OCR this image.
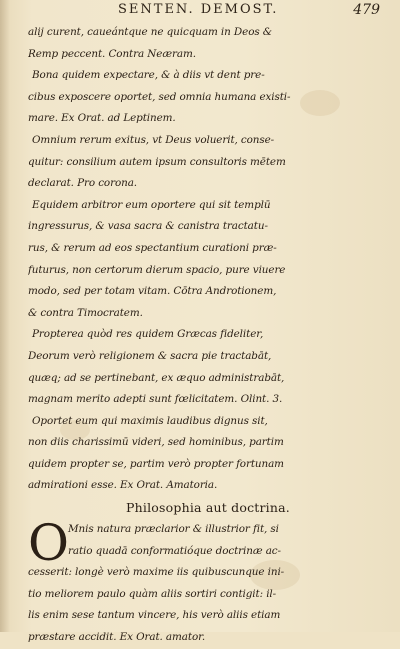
SENTEN. DEMOST.	479
alij curent, caueántque ne quicquam in Deos &
Remp peccent. Contra Neæram.
Bona quidem expectare, & à diis vt dent pre-
cibus exposcere oportet, sed omnia humana existi-
mare. Ex Orat. ad Leptinem.
Omnium rerum exitus, vt Deus voluerit, conse-
quitur: consilium autem ipsum consultoris mētem
declarat. Pro corona.
Equidem arbitror eum oportere qui sit templū
ingressurus, & vasa sacra & canistra tractatu-
rus, & rerum ad eos spectantium curationi præ-
futurus, non certorum dierum spacio, pure viuere
modo, sed per totam vitam. Cōtra Androtionem,
& contra Timocratem.
Propterea quòd res quidem Græcas fideliter,
Deorum verò religionem & sacra pie tractabāt,
quæq; ad se pertinebant, ex æquo administrabāt,
magnam merito adepti sunt fœlicitatem. Olint. 3.
Oportet eum qui maximis laudibus dignus sit,
non diis charissimū videri, sed hominibus, partim
quidem propter se, partim verò propter fortunam
admirationi esse. Ex Orat. Amatoria.
Philosophia aut doctrina.
O Mnis natura præclarior & illustrior fit, si
ratio quadā conformatióque doctrinæ ac-
cesserit: longè verò maxime iis quibuscunque ini-
tio meliorem paulo quàm aliis sortiri contigit: il-
lis enim sese tantum vincere, his verò aliis etiam
præstare accidit. Ex Orat. amator.
